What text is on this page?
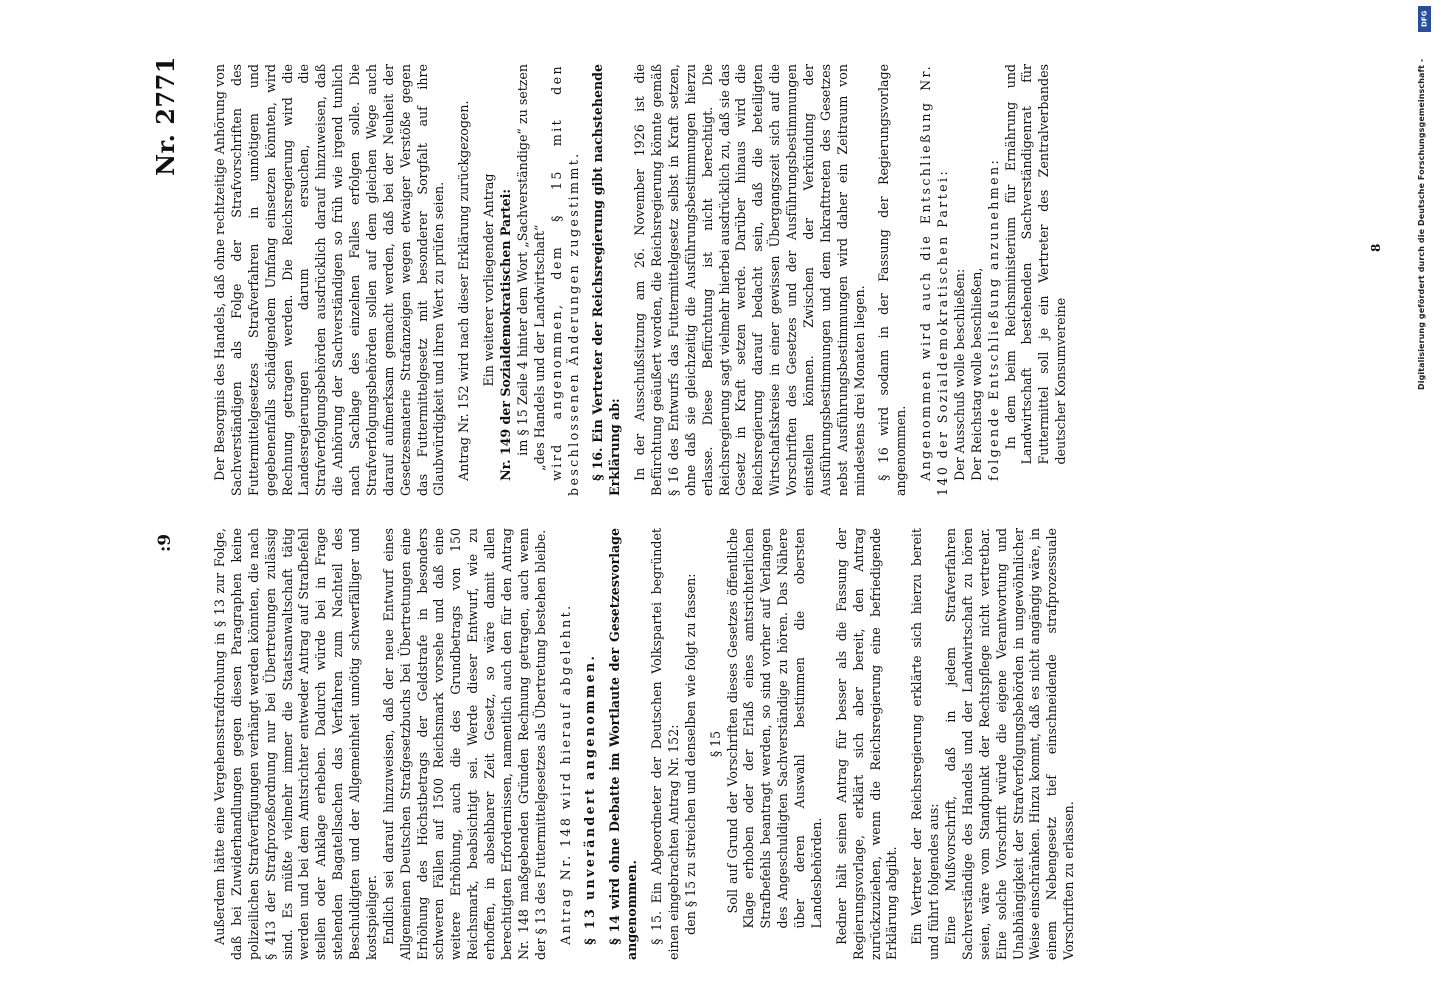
:9
Nr. 2771

Außerdem hätte eine Vergehensstrafdrohung in § 13 zur Folge, daß bei Zuwiderhandlungen gegen diesen Paragraphen keine polizeilichen Strafverfügungen verhängt werden könnten, die nach § 413 der Strafprozeßordnung nur bei Übertretungen zulässig sind. Es müßte vielmehr immer die Staatsanwaltschaft tätig werden und bei dem Amtsrichter entweder Antrag auf Strafbefehl stellen oder Anklage erheben. Dadurch würde bei in Frage stehenden Bagatellsachen das Verfahren zum Nachteil des Beschuldigten und der Allgemeinheit unnötig schwerfälliger und kostspieliger. Endlich sei darauf hinzuweisen, daß der neue Entwurf eines Allgemeinen Deutschen Strafgesetzbuchs bei Übertretungen eine Erhöhung des Höchstbetrags der Geldstrafe in besonders schweren Fällen auf 1500 Reichsmark vorsehe und daß eine weitere Erhöhung, auch die des Grundbetrags von 150 Reichsmark, beabsichtigt sei. Werde dieser Entwurf, wie zu erhoffen, in absehbarer Zeit Gesetz, so wäre damit allen berechtigten Erfordernissen, namentlich auch den für den Antrag Nr. 148 maßgebenden Gründen Rechnung getragen, auch wenn der § 13 des Futtermittelgesetzes als Übertretung bestehen bleibe. Antrag Nr. 148 wird hierauf abgelehnt. § 13 unverändert angenommen. § 14 wird ohne Debatte im Wortlaute der Gesetzesvorlage angenommen. § 15. Ein Abgeordneter der Deutschen Volkspartei begründet einen eingebrachten Antrag Nr. 152: den § 15 zu streichen und denselben wie folgt zu fassen: § 15 Soll auf Grund der Vorschriften dieses Gesetzes öffentliche Klage erhoben oder der Erlaß eines amtsrichterlichen Strafbefehls beantragt werden, so sind vorher auf Verlangen des Angeschuldigten Sachverständige zu hören. Das Nähere über deren Auswahl bestimmen die obersten Landesbehörden. Redner hält seinen Antrag für besser als die Fassung der Regierungsvorlage, erklärt sich aber bereit, den Antrag zurückzuziehen, wenn die Reichsregierung eine befriedigende Erklärung abgibt. Ein Vertreter der Reichsregierung erklärte sich hierzu bereit und führt folgendes aus: Eine Mußvorschrift, daß in jedem Strafverfahren Sachverständige des Handels und der Landwirtschaft zu hören seien, wäre vom Standpunkt der Rechtspflege nicht vertretbar. Eine solche Vorschrift würde die eigene Verantwortung und Unabhängigkeit der Strafverfolgungsbehörden in ungewöhnlicher Weise einschränken. Hinzu kommt, daß es nicht angängig wäre, in einem Nebengesetz tief einschneidende strafprozessuale Vorschriften zu erlassen.

Der Besorgnis des Handels, daß ohne rechtzeitige Anhörung von Sachverständigen als Folge der Strafvorschriften des Futtermittelgesetzes Strafverfahren in unnötigem und gegebenenfalls schädigendem Umfang einsetzen könnten, wird Rechnung getragen werden. Die Reichsregierung wird die Landesregierungen darum ersuchen, die Strafverfolgungsbehörden ausdrücklich darauf hinzuweisen, daß die Anhörung der Sachverständigen so früh wie irgend tunlich nach Sachlage des einzelnen Falles erfolgen solle. Die Strafverfolgungsbehörden sollen auf dem gleichen Wege auch darauf aufmerksam gemacht werden, daß bei der Neuheit der Gesetzesmaterie Strafanzeigen wegen etwaiger Verstöße gegen das Futtermittelgesetz mit besonderer Sorgfalt auf ihre Glaubwürdigkeit und ihren Wert zu prüfen seien. Antrag Nr. 152 wird nach dieser Erklärung zurückgezogen. Ein weiterer vorliegender Antrag Nr. 149 der Sozialdemokratischen Partei: im § 15 Zeile 4 hinter dem Wort „Sachverständige“ zu setzen „des Handels und der Landwirtschaft“ wird angenommen, dem § 15 mit den beschlossenen Änderungen zugestimmt. § 16. Ein Vertreter der Reichsregierung gibt nachstehende Erklärung ab: In der Ausschußsitzung am 26. November 1926 ist die Befürchtung geäußert worden, die Reichsregierung könnte gemäß § 16 des Entwurfs das Futtermittelgesetz selbst in Kraft setzen, ohne daß sie gleichzeitig die Ausführungsbestimmungen hierzu erlasse. Diese Befürchtung ist nicht berechtigt. Die Reichsregierung sagt vielmehr hierbei ausdrücklich zu, daß sie das Gesetz in Kraft setzen werde. Darüber hinaus wird die Reichsregierung darauf bedacht sein, daß die beteiligten Wirtschaftskreise in einer gewissen Übergangszeit sich auf die Vorschriften des Gesetzes und der Ausführungsbestimmungen einstellen können. Zwischen der Verkündung der Ausführungsbestimmungen und dem Inkrafttreten des Gesetzes nebst Ausführungsbestimmungen wird daher ein Zeitraum von mindestens drei Monaten liegen. § 16 wird sodann in der Fassung der Regierungsvorlage angenommen. Angenommen wird auch die Entschließung Nr. 140 der Sozialdemokratischen Partei: Der Ausschuß wolle beschließen: Der Reichstag wolle beschließen, folgende Entschließung anzunehmen: In dem beim Reichsministerium für Ernährung und Landwirtschaft bestehenden Sachverständigenrat für Futtermittel soll je ein Vertreter des Zentralverbandes deutscher Konsumvereine

8
DFG
Digitalisierung gefördert durch die Deutsche Forschungsgemeinschaft -
